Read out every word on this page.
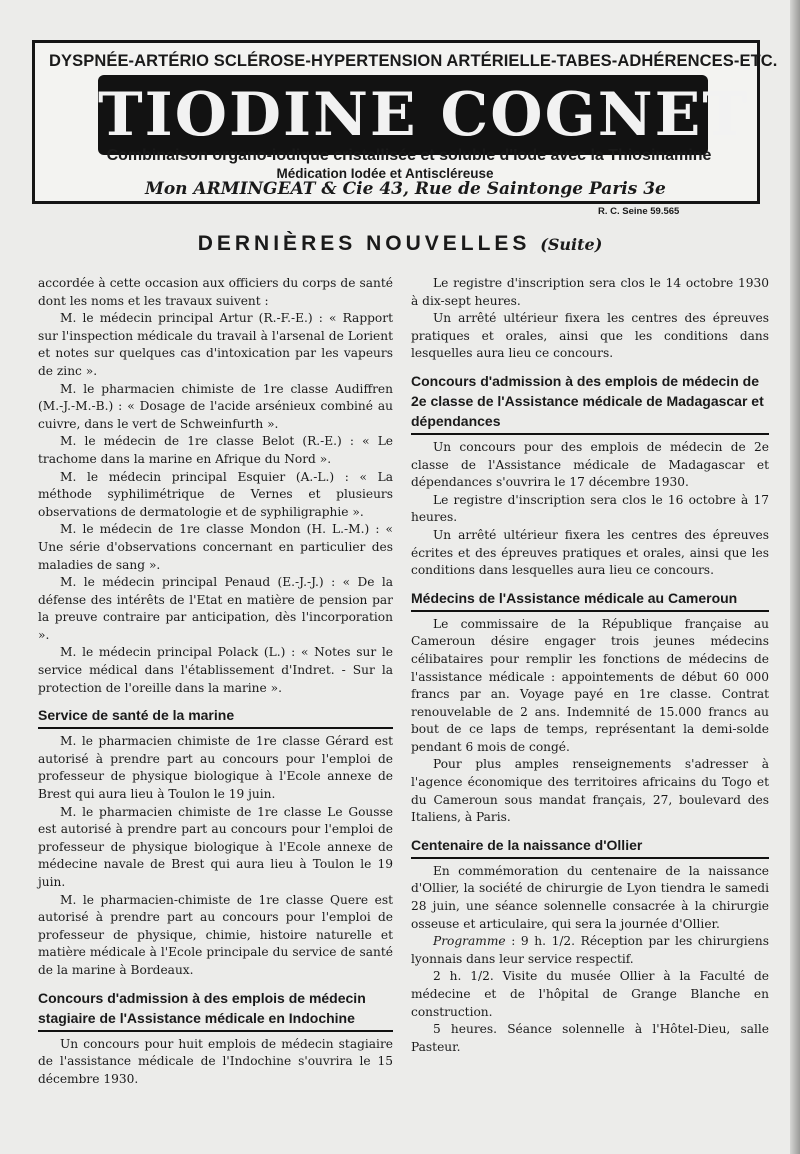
DYSPNÉE-ARTÉRIO SCLÉROSE-HYPERTENSION ARTÉRIELLE-TABES-ADHÉRENCES-ETC.
TIODINE COGNET
Combinaison organo-iodique cristallisée et soluble d'Iode avec la Thiosinamine
Médication Iodée et Antiscléreuse
Mon ARMINGEAT & Cie 43, Rue de Saintonge Paris 3e
R. C. Seine 59.565
DERNIÈRES NOUVELLES (Suite)

accordée à cette occasion aux officiers du corps de santé dont les noms et les travaux suivent :

M. le médecin principal Artur (R.-F.-E.) : « Rapport sur l'inspection médicale du travail à l'arsenal de Lorient et notes sur quelques cas d'intoxication par les vapeurs de zinc ».

M. le pharmacien chimiste de 1re classe Audiffren (M.-J.-M.-B.) : « Dosage de l'acide arsénieux combiné au cuivre, dans le vert de Schweinfurth ».

M. le médecin de 1re classe Belot (R.-E.) : « Le trachome dans la marine en Afrique du Nord ».

M. le médecin principal Esquier (A.-L.) : « La méthode syphilimétrique de Vernes et plusieurs observations de dermatologie et de syphiligraphie ».

M. le médecin de 1re classe Mondon (H. L.-M.) : « Une série d'observations concernant en particulier des maladies de sang ».

M. le médecin principal Penaud (E.-J.-J.) : « De la défense des intérêts de l'Etat en matière de pension par la preuve contraire par anticipation, dès l'incorporation ».

M. le médecin principal Polack (L.) : « Notes sur le service médical dans l'établissement d'Indret. - Sur la protection de l'oreille dans la marine ».

Service de santé de la marine

M. le pharmacien chimiste de 1re classe Gérard est autorisé à prendre part au concours pour l'emploi de professeur de physique biologique à l'Ecole annexe de Brest qui aura lieu à Toulon le 19 juin.

M. le pharmacien chimiste de 1re classe Le Gousse est autorisé à prendre part au concours pour l'emploi de professeur de physique biologique à l'Ecole annexe de médecine navale de Brest qui aura lieu à Toulon le 19 juin.

M. le pharmacien-chimiste de 1re classe Quere est autorisé à prendre part au concours pour l'emploi de professeur de physique, chimie, histoire naturelle et matière médicale à l'Ecole principale du service de santé de la marine à Bordeaux.

Concours d'admission à des emplois de médecin stagiaire de l'Assistance médicale en Indochine

Un concours pour huit emplois de médecin stagiaire de l'assistance médicale de l'Indochine s'ouvrira le 15 décembre 1930.

Le registre d'inscription sera clos le 14 octobre 1930 à dix-sept heures.

Un arrêté ultérieur fixera les centres des épreuves pratiques et orales, ainsi que les conditions dans lesquelles aura lieu ce concours.

Concours d'admission à des emplois de médecin de 2e classe de l'Assistance médicale de Madagascar et dépendances

Un concours pour des emplois de médecin de 2e classe de l'Assistance médicale de Madagascar et dépendances s'ouvrira le 17 décembre 1930.

Le registre d'inscription sera clos le 16 octobre à 17 heures.

Un arrêté ultérieur fixera les centres des épreuves écrites et des épreuves pratiques et orales, ainsi que les conditions dans lesquelles aura lieu ce concours.

Médecins de l'Assistance médicale au Cameroun

Le commissaire de la République française au Cameroun désire engager trois jeunes médecins célibataires pour remplir les fonctions de médecins de l'assistance médicale : appointements de début 60 000 francs par an. Voyage payé en 1re classe. Contrat renouvelable de 2 ans. Indemnité de 15.000 francs au bout de ce laps de temps, représentant la demi-solde pendant 6 mois de congé.

Pour plus amples renseignements s'adresser à l'agence économique des territoires africains du Togo et du Cameroun sous mandat français, 27, boulevard des Italiens, à Paris.

Centenaire de la naissance d'Ollier

En commémoration du centenaire de la naissance d'Ollier, la société de chirurgie de Lyon tiendra le samedi 28 juin, une séance solennelle consacrée à la chirurgie osseuse et articulaire, qui sera la journée d'Ollier.

Programme : 9 h. 1/2. Réception par les chirurgiens lyonnais dans leur service respectif.

2 h. 1/2. Visite du musée Ollier à la Faculté de médecine et de l'hôpital de Grange Blanche en construction.

5 heures. Séance solennelle à l'Hôtel-Dieu, salle Pasteur.
